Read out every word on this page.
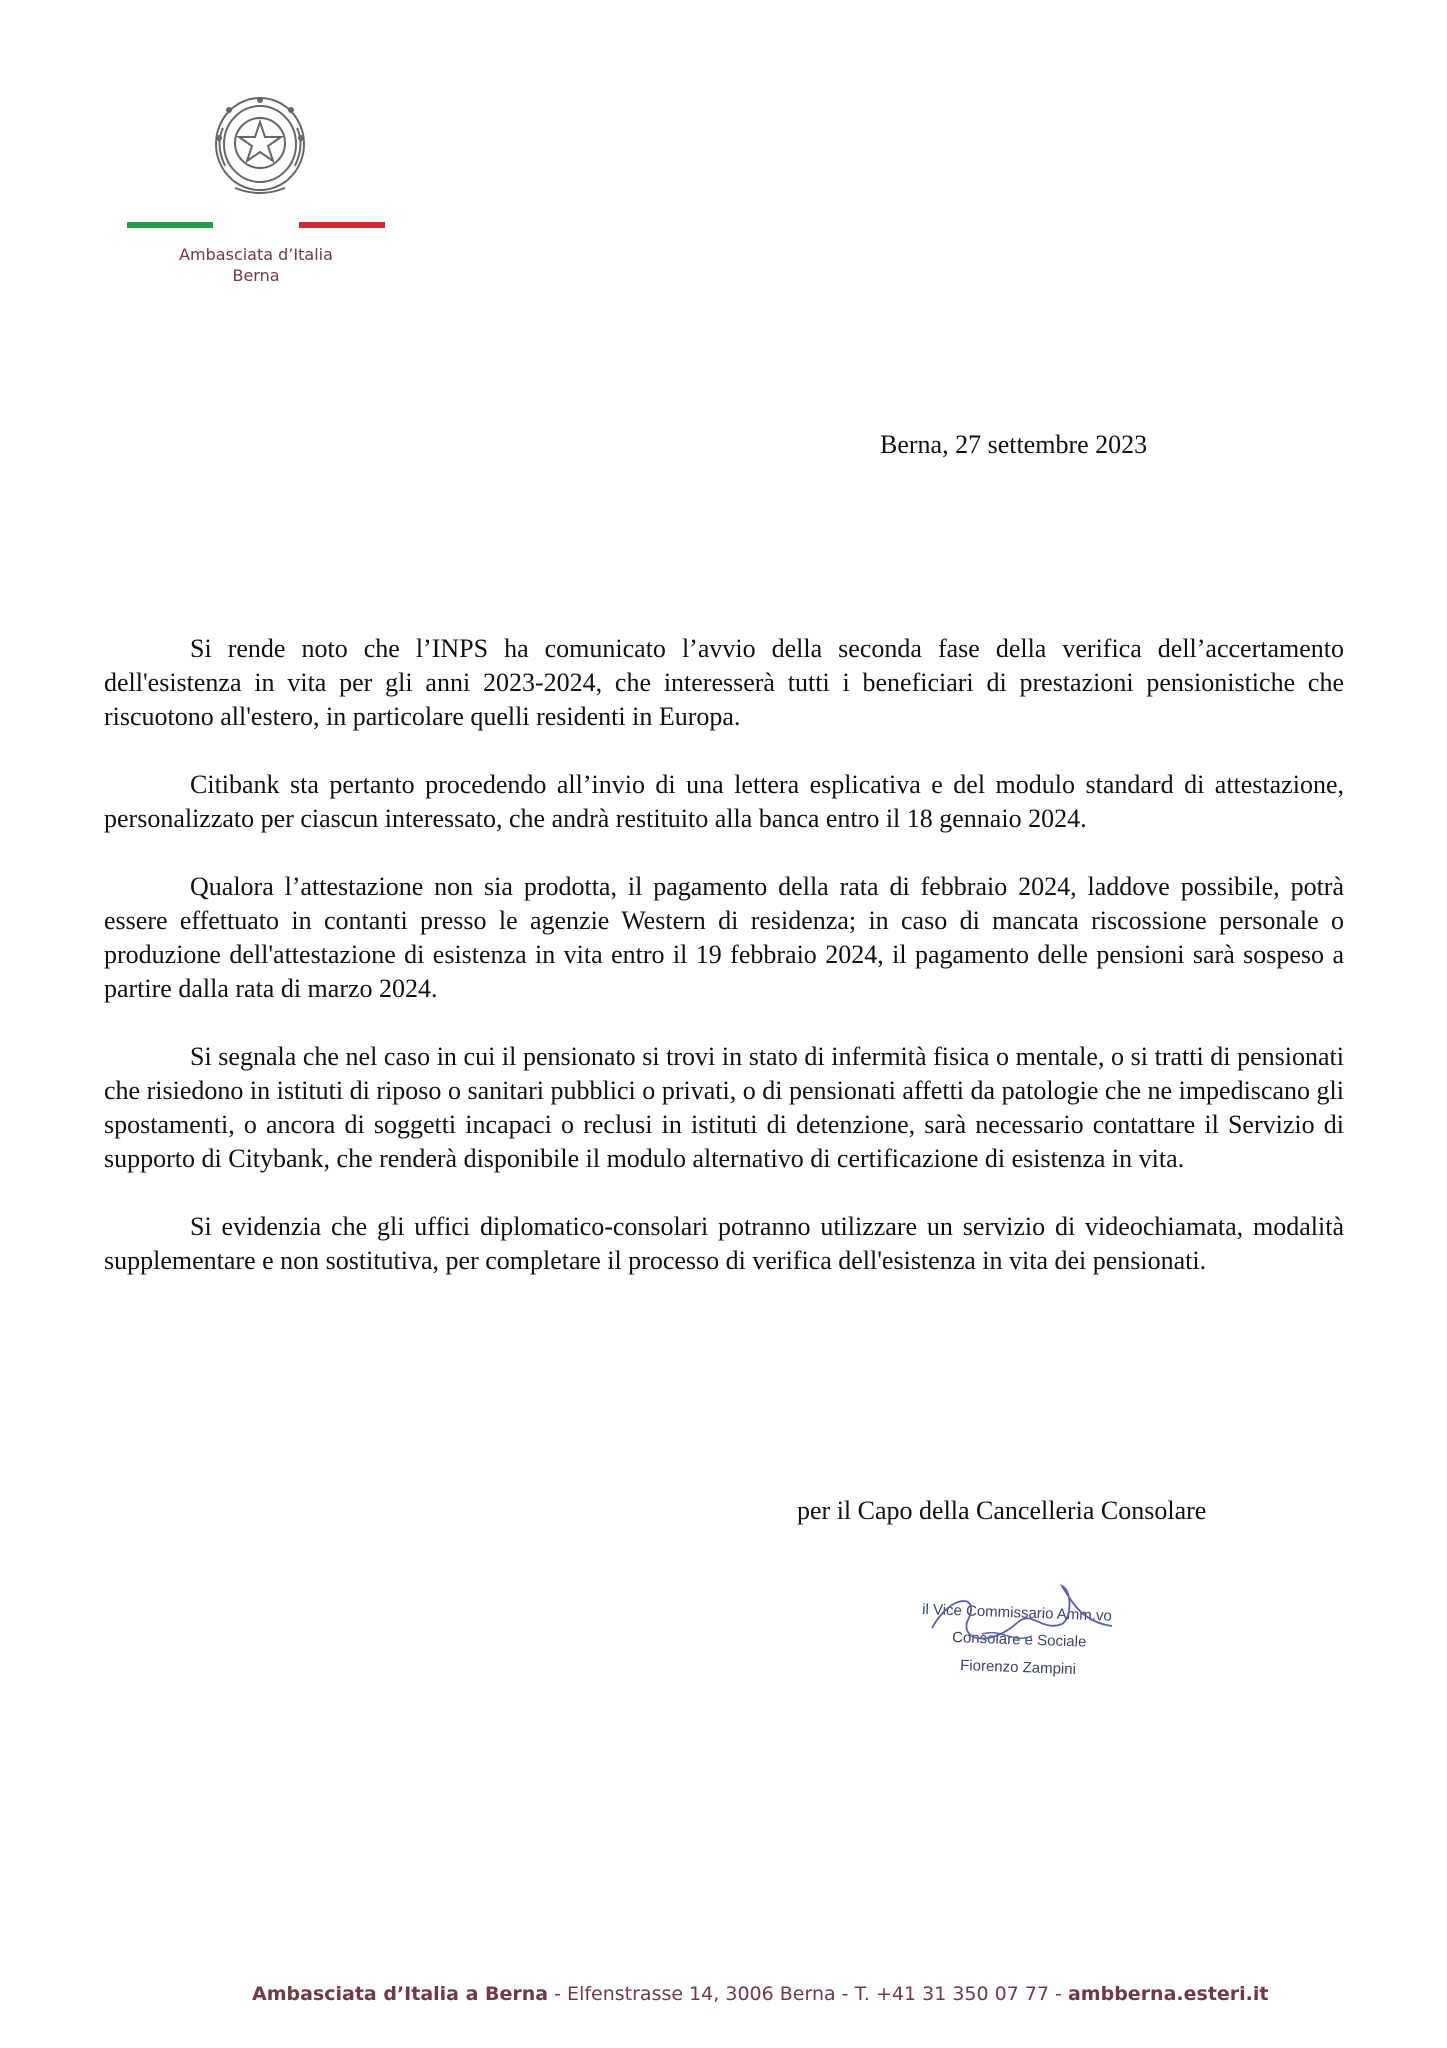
Ambasciata d’Italia
Berna
Berna, 27 settembre 2023

Si rende noto che l’INPS ha comunicato l’avvio della seconda fase della verifica dell’accertamento dell'esistenza in vita per gli anni 2023-2024, che interesserà tutti i beneficiari di prestazioni pensionistiche che riscuotono all'estero, in particolare quelli residenti in Europa.

Citibank sta pertanto procedendo all’invio di una lettera esplicativa e del modulo standard di attestazione, personalizzato per ciascun interessato, che andrà restituito alla banca entro il 18 gennaio 2024.

Qualora l’attestazione non sia prodotta, il pagamento della rata di febbraio 2024, laddove possibile, potrà essere effettuato in contanti presso le agenzie Western di residenza; in caso di mancata riscossione personale o produzione dell'attestazione di esistenza in vita entro il 19 febbraio 2024, il pagamento delle pensioni sarà sospeso a partire dalla rata di marzo 2024.

Si segnala che nel caso in cui il pensionato si trovi in stato di infermità fisica o mentale, o si tratti di pensionati che risiedono in istituti di riposo o sanitari pubblici o privati, o di pensionati affetti da patologie che ne impediscano gli spostamenti, o ancora di soggetti incapaci o reclusi in istituti di detenzione, sarà necessario contattare il Servizio di supporto di Citybank, che renderà disponibile il modulo alternativo di certificazione di esistenza in vita.

Si evidenzia che gli uffici diplomatico-consolari potranno utilizzare un servizio di videochiamata, modalità supplementare e non sostitutiva, per completare il processo di verifica dell'esistenza in vita dei pensionati.

per il Capo della Cancelleria Consolare
il Vice Commissario Amm.vo
Consolare e Sociale
Fiorenzo Zampini
Ambasciata d’Italia a Berna - Elfenstrasse 14, 3006 Berna - T. +41 31 350 07 77 - ambberna.esteri.it
